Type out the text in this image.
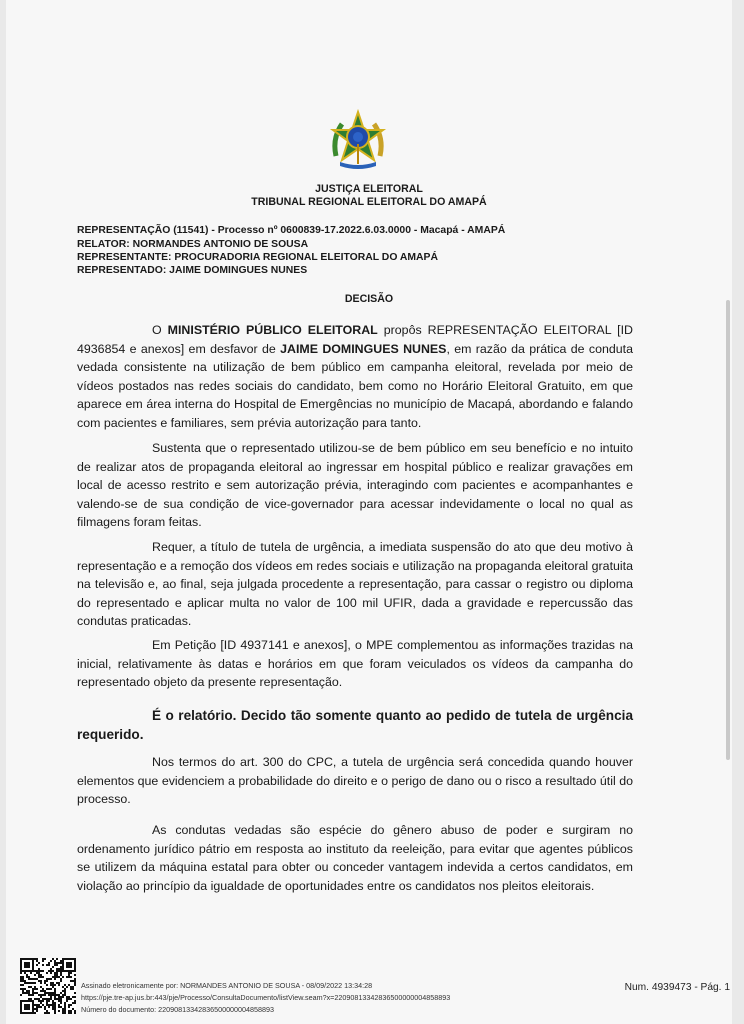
JUSTIÇA ELEITORAL
TRIBUNAL REGIONAL ELEITORAL DO AMAPÁ
REPRESENTAÇÃO (11541) - Processo nº 0600839-17.2022.6.03.0000 - Macapá - AMAPÁ
RELATOR: NORMANDES ANTONIO DE SOUSA
REPRESENTANTE: PROCURADORIA REGIONAL ELEITORAL DO AMAPÁ
REPRESENTADO: JAIME DOMINGUES NUNES
DECISÃO

O MINISTÉRIO PÚBLICO ELEITORAL propôs REPRESENTAÇÃO ELEITORAL [ID 4936854 e anexos] em desfavor de JAIME DOMINGUES NUNES, em razão da prática de conduta vedada consistente na utilização de bem público em campanha eleitoral, revelada por meio de vídeos postados nas redes sociais do candidato, bem como no Horário Eleitoral Gratuito, em que aparece em área interna do Hospital de Emergências no município de Macapá, abordando e falando com pacientes e familiares, sem prévia autorização para tanto.

Sustenta que o representado utilizou-se de bem público em seu benefício e no intuito de realizar atos de propaganda eleitoral ao ingressar em hospital público e realizar gravações em local de acesso restrito e sem autorização prévia, interagindo com pacientes e acompanhantes e valendo-se de sua condição de vice-governador para acessar indevidamente o local no qual as filmagens foram feitas.

Requer, a título de tutela de urgência, a imediata suspensão do ato que deu motivo à representação e a remoção dos vídeos em redes sociais e utilização na propaganda eleitoral gratuita na televisão e, ao final, seja julgada procedente a representação, para cassar o registro ou diploma do representado e aplicar multa no valor de 100 mil UFIR, dada a gravidade e repercussão das condutas praticadas.

Em Petição [ID 4937141 e anexos], o MPE complementou as informações trazidas na inicial, relativamente às datas e horários em que foram veiculados os vídeos da campanha do representado objeto da presente representação.

É o relatório. Decido tão somente quanto ao pedido de tutela de urgência requerido.

Nos termos do art. 300 do CPC, a tutela de urgência será concedida quando houver elementos que evidenciem a probabilidade do direito e o perigo de dano ou o risco a resultado útil do processo.

As condutas vedadas são espécie do gênero abuso de poder e surgiram no ordenamento jurídico pátrio em resposta ao instituto da reeleição, para evitar que agentes públicos se utilizem da máquina estatal para obter ou conceder vantagem indevida a certos candidatos, em violação ao princípio da igualdade de oportunidades entre os candidatos nos pleitos eleitorais.

Assinado eletronicamente por: NORMANDES ANTONIO DE SOUSA - 08/09/2022 13:34:28
https://pje.tre-ap.jus.br:443/pje/Processo/ConsultaDocumento/listView.seam?x=22090813342836500000004858893
Número do documento: 22090813342836500000004858893
Num. 4939473 - Pág. 1
